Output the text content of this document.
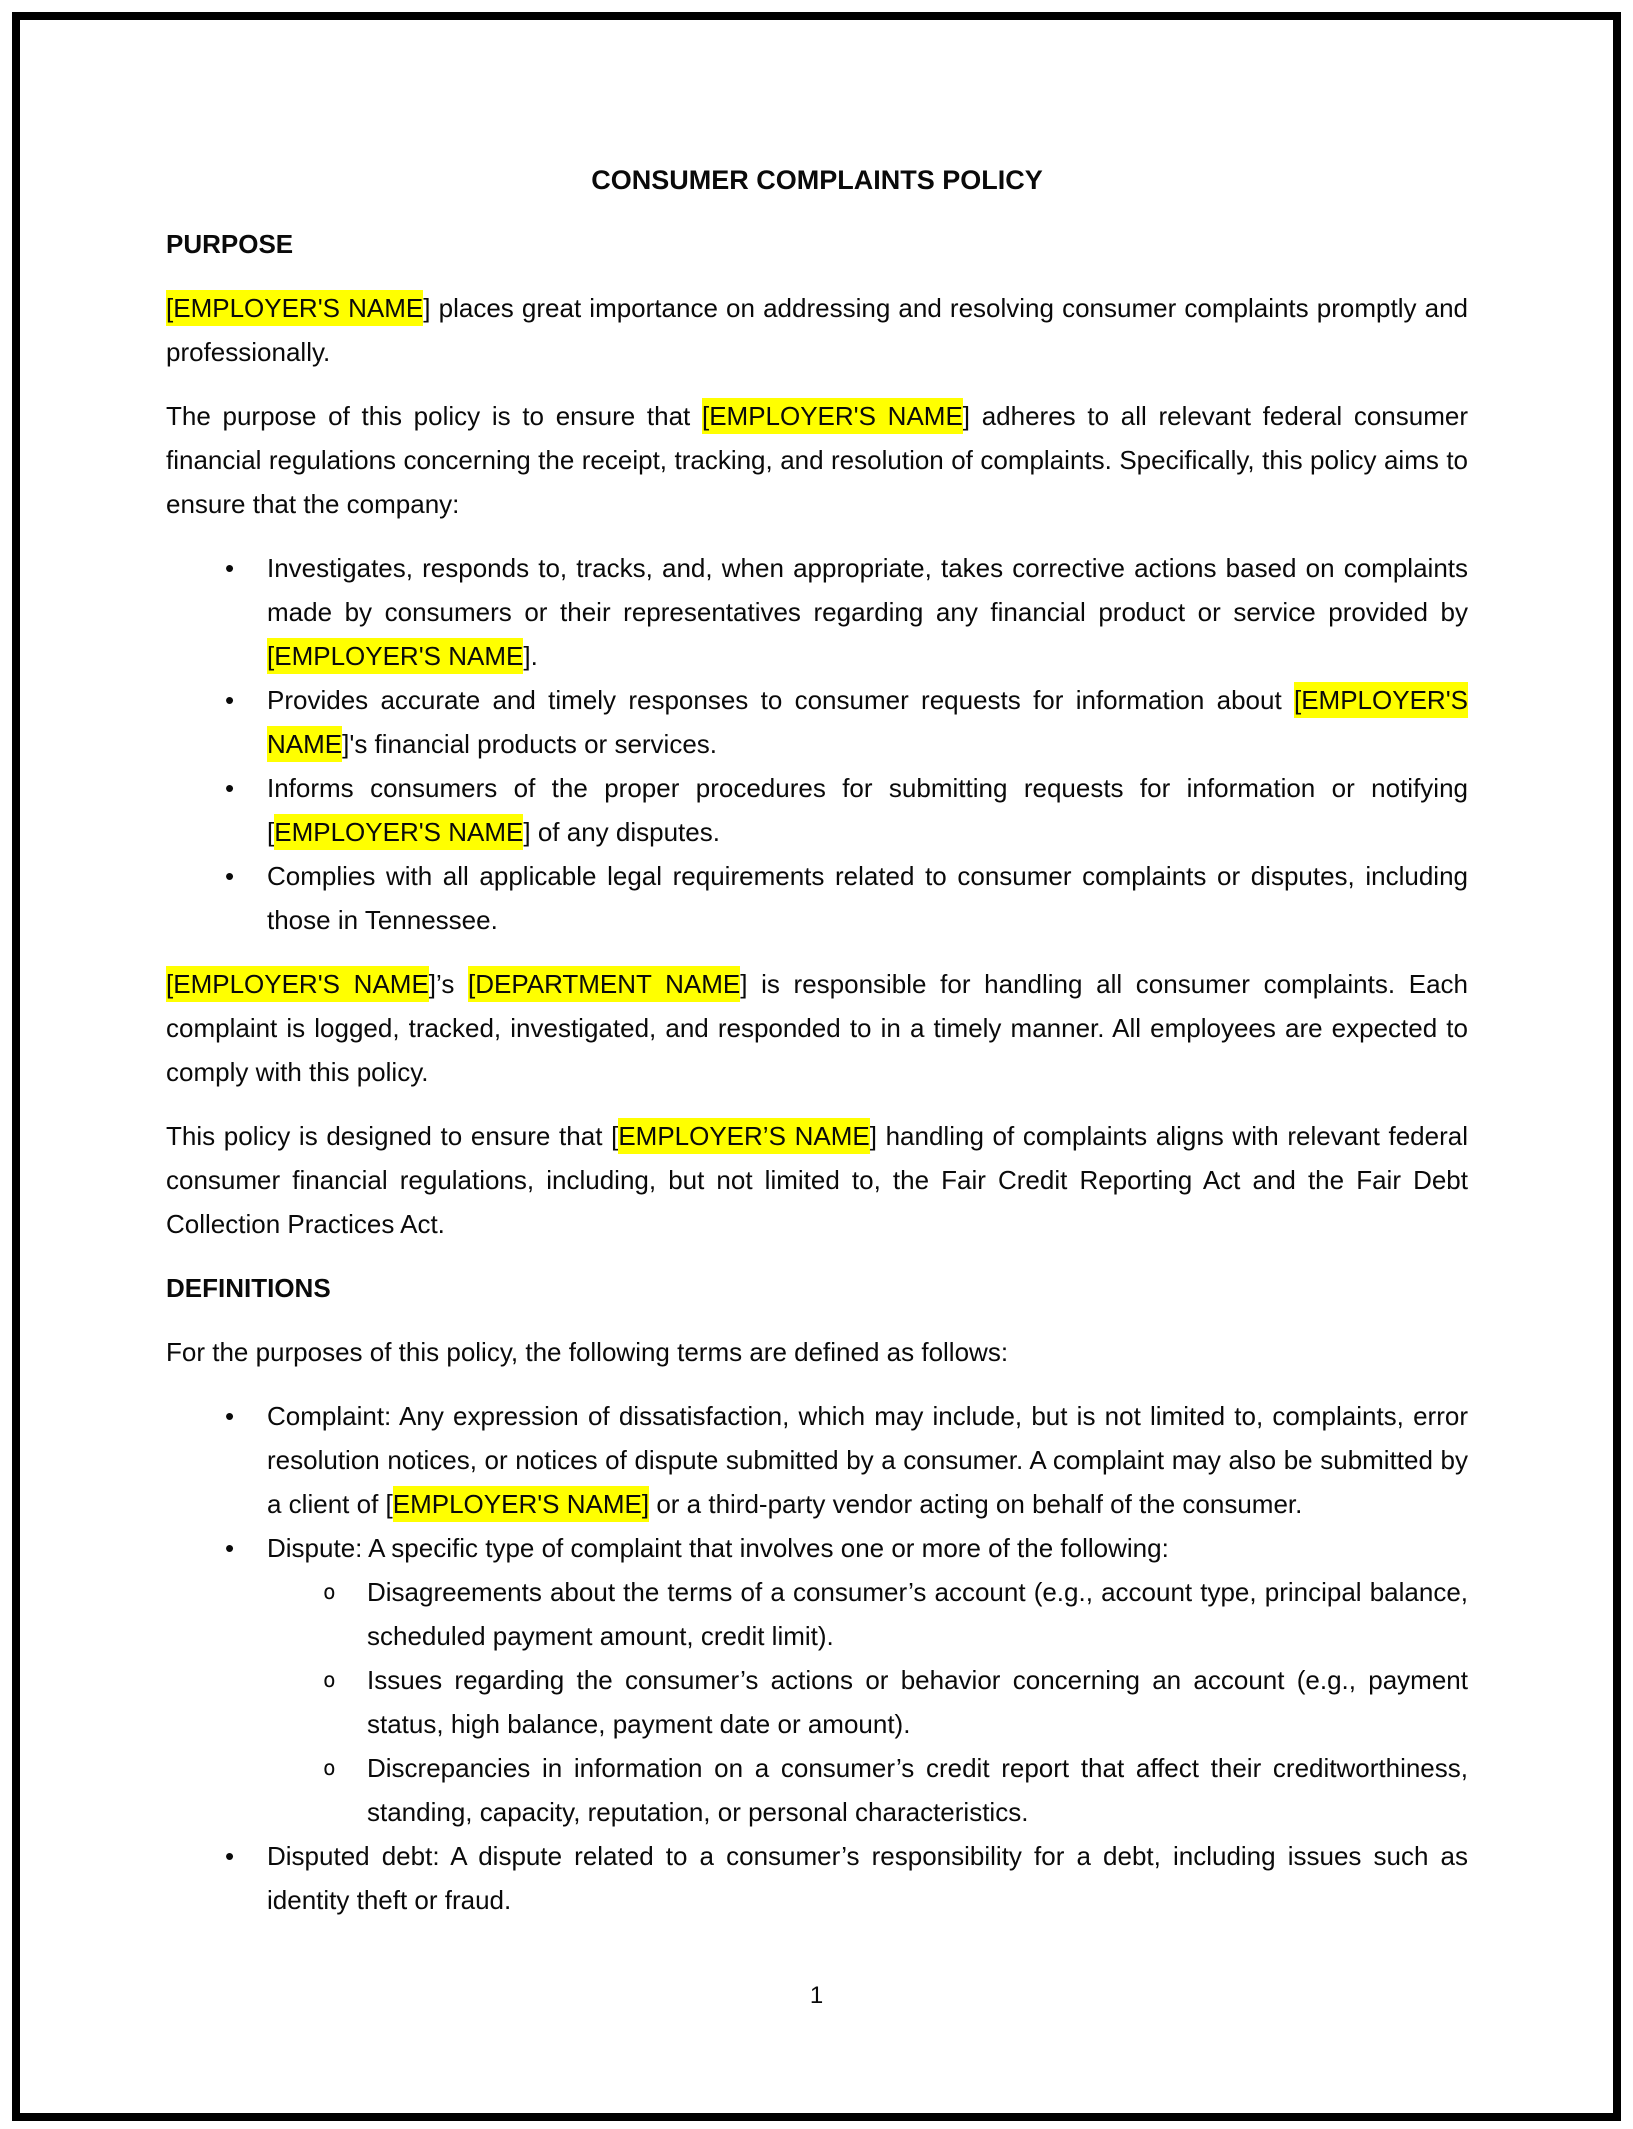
CONSUMER COMPLAINTS POLICY
PURPOSE

[EMPLOYER'S NAME] places great importance on addressing and resolving consumer complaints promptly and professionally.

The purpose of this policy is to ensure that [EMPLOYER'S NAME] adheres to all relevant federal consumer financial regulations concerning the receipt, tracking, and resolution of complaints. Specifically, this policy aims to ensure that the company:

•	Investigates, responds to, tracks, and, when appropriate, takes corrective actions based on complaints made by consumers or their representatives regarding any financial product or service provided by [EMPLOYER'S NAME].
•	Provides accurate and timely responses to consumer requests for information about [EMPLOYER'S NAME]'s financial products or services.
•	Informs consumers of the proper procedures for submitting requests for information or notifying [EMPLOYER'S NAME] of any disputes.
•	Complies with all applicable legal requirements related to consumer complaints or disputes, including those in Tennessee.

[EMPLOYER'S NAME]’s [DEPARTMENT NAME] is responsible for handling all consumer complaints. Each complaint is logged, tracked, investigated, and responded to in a timely manner. All employees are expected to comply with this policy.

This policy is designed to ensure that [EMPLOYER’S NAME] handling of complaints aligns with relevant federal consumer financial regulations, including, but not limited to, the Fair Credit Reporting Act and the Fair Debt Collection Practices Act.

DEFINITIONS

For the purposes of this policy, the following terms are defined as follows:

•	Complaint: Any expression of dissatisfaction, which may include, but is not limited to, complaints, error resolution notices, or notices of dispute submitted by a consumer. A complaint may also be submitted by a client of [EMPLOYER'S NAME] or a third-party vendor acting on behalf of the consumer.
•	Dispute: A specific type of complaint that involves one or more of the following:
o	Disagreements about the terms of a consumer’s account (e.g., account type, principal balance, scheduled payment amount, credit limit).
o	Issues regarding the consumer’s actions or behavior concerning an account (e.g., payment status, high balance, payment date or amount).
o	Discrepancies in information on a consumer’s credit report that affect their creditworthiness, standing, capacity, reputation, or personal characteristics.
•	Disputed debt: A dispute related to a consumer’s responsibility for a debt, including issues such as identity theft or fraud.
1
